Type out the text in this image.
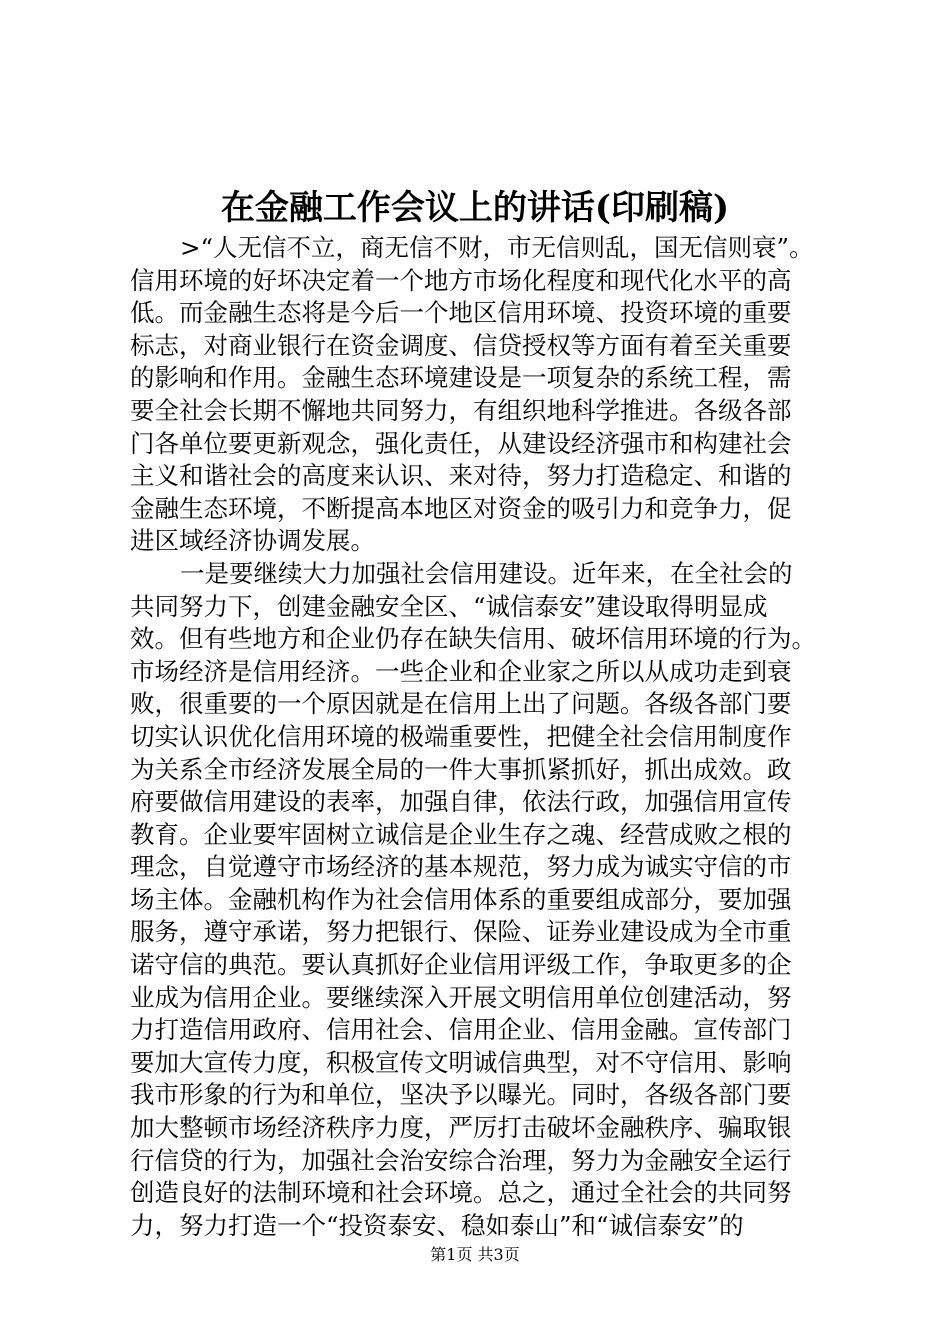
在金融工作会议上的讲话(印刷稿)
>“人无信不立，商无信不财，市无信则乱，国无信则衰”。
信用环境的好坏决定着一个地方市场化程度和现代化水平的高
低。而金融生态将是今后一个地区信用环境、投资环境的重要
标志，对商业银行在资金调度、信贷授权等方面有着至关重要
的影响和作用。金融生态环境建设是一项复杂的系统工程，需
要全社会长期不懈地共同努力，有组织地科学推进。各级各部
门各单位要更新观念，强化责任，从建设经济强市和构建社会
主义和谐社会的高度来认识、来对待，努力打造稳定、和谐的
金融生态环境，不断提高本地区对资金的吸引力和竞争力，促
进区域经济协调发展。
一是要继续大力加强社会信用建设。近年来，在全社会的
共同努力下，创建金融安全区、“诚信泰安”建设取得明显成
效。但有些地方和企业仍存在缺失信用、破坏信用环境的行为。
市场经济是信用经济。一些企业和企业家之所以从成功走到衰
败，很重要的一个原因就是在信用上出了问题。各级各部门要
切实认识优化信用环境的极端重要性，把健全社会信用制度作
为关系全市经济发展全局的一件大事抓紧抓好，抓出成效。政
府要做信用建设的表率，加强自律，依法行政，加强信用宣传
教育。企业要牢固树立诚信是企业生存之魂、经营成败之根的
理念，自觉遵守市场经济的基本规范，努力成为诚实守信的市
场主体。金融机构作为社会信用体系的重要组成部分，要加强
服务，遵守承诺，努力把银行、保险、证券业建设成为全市重
诺守信的典范。要认真抓好企业信用评级工作，争取更多的企
业成为信用企业。要继续深入开展文明信用单位创建活动，努
力打造信用政府、信用社会、信用企业、信用金融。宣传部门
要加大宣传力度，积极宣传文明诚信典型，对不守信用、影响
我市形象的行为和单位，坚决予以曝光。同时，各级各部门要
加大整顿市场经济秩序力度，严厉打击破坏金融秩序、骗取银
行信贷的行为，加强社会治安综合治理，努力为金融安全运行
创造良好的法制环境和社会环境。总之，通过全社会的共同努
力，努力打造一个“投资泰安、稳如泰山”和“诚信泰安”的
第1页 共3页
